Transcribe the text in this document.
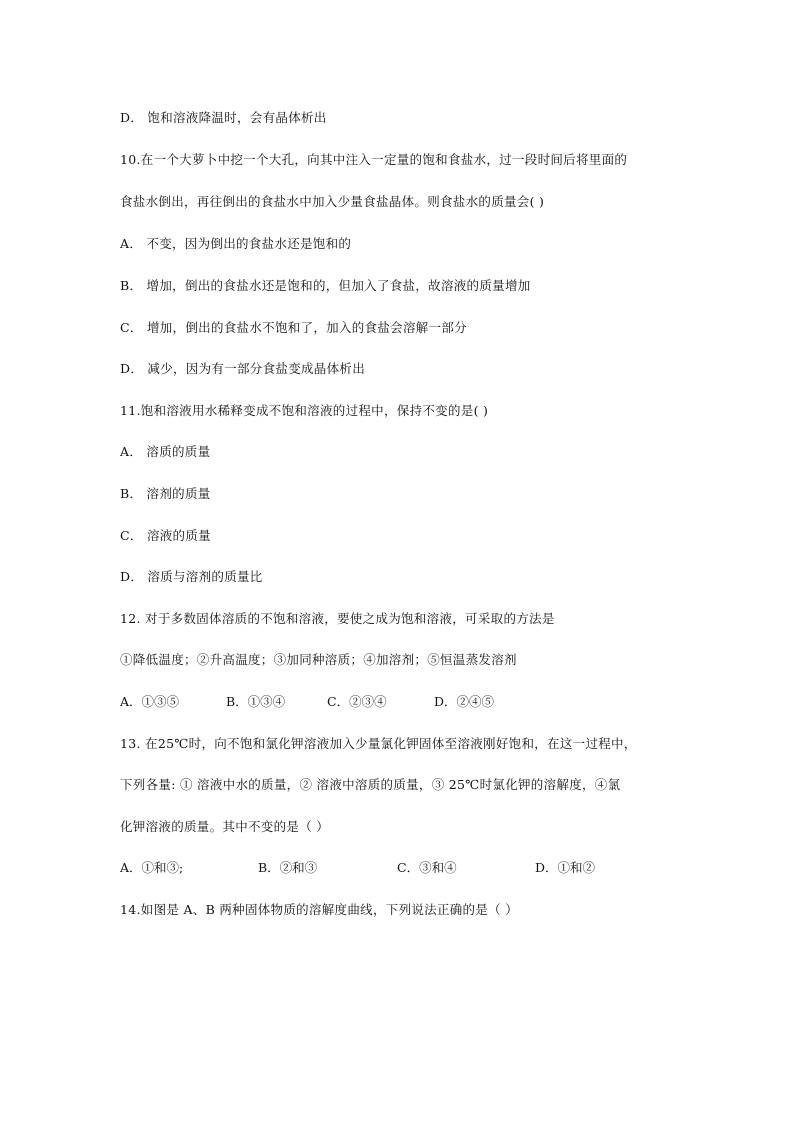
D． 饱和溶液降温时，会有晶体析出
10.在一个大萝卜中挖一个大孔，向其中注入一定量的饱和食盐水，过一段时间后将里面的
食盐水倒出，再往倒出的食盐水中加入少量食盐晶体。则食盐水的质量会( )
A． 不变，因为倒出的食盐水还是饱和的
B． 增加，倒出的食盐水还是饱和的，但加入了食盐，故溶液的质量增加
C． 增加，倒出的食盐水不饱和了，加入的食盐会溶解一部分
D． 减少，因为有一部分食盐变成晶体析出
11.饱和溶液用水稀释变成不饱和溶液的过程中，保持不变的是( )
A． 溶质的质量
B． 溶剂的质量
C． 溶液的质量
D． 溶质与溶剂的质量比
12. 对于多数固体溶质的不饱和溶液，要使之成为饱和溶液，可采取的方法是
①降低温度；②升高温度；③加同种溶质；④加溶剂；⑤恒温蒸发溶剂
A．①③⑤	B．①③④	C．②③④	D．②④⑤
13. 在25℃时，向不饱和氯化钾溶液加入少量氯化钾固体至溶液刚好饱和，在这一过程中，
下列各量: ① 溶液中水的质量，② 溶液中溶质的质量，③ 25℃时氯化钾的溶解度，④氯
化钾溶液的质量。其中不变的是（ ）
A．①和③;	B．②和③	C．③和④	D．①和②
14.如图是 A、B 两种固体物质的溶解度曲线，下列说法正确的是（ ）
